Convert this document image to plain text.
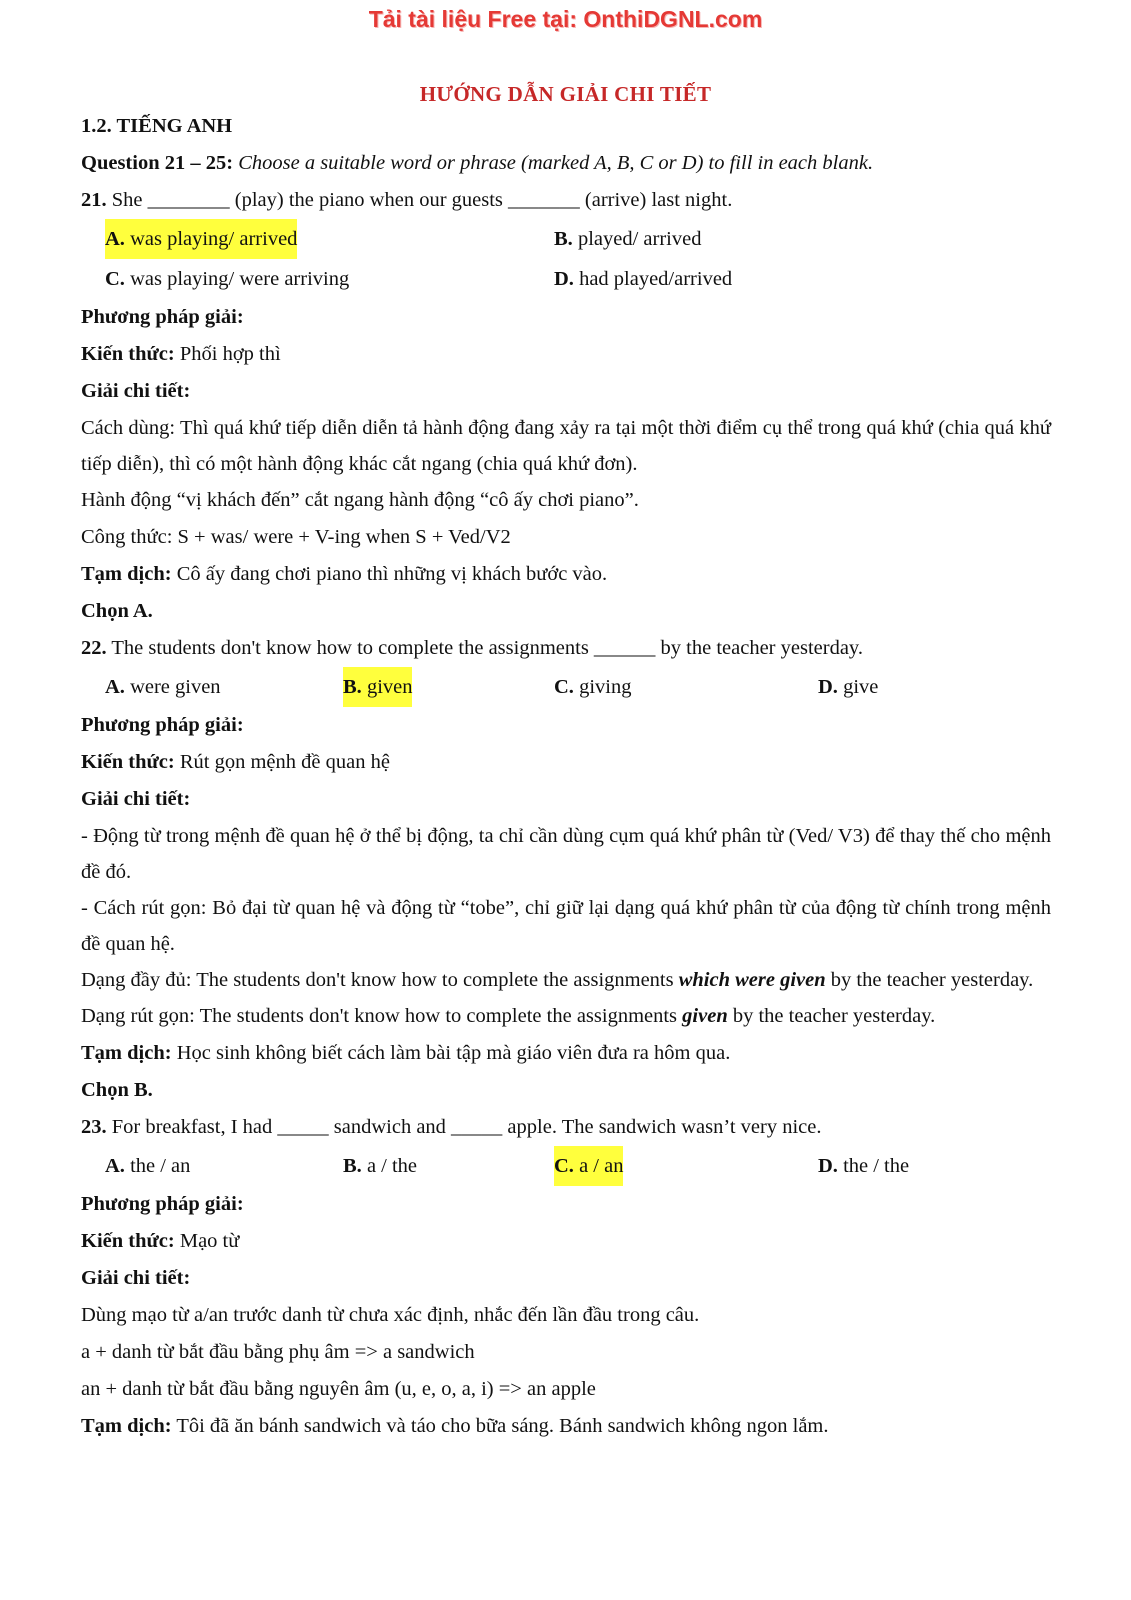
Tải tài liệu Free tại: OnthiDGNL.com
HƯỚNG DẪN GIẢI CHI TIẾT
1.2. TIẾNG ANH
Question 21 – 25: Choose a suitable word or phrase (marked A, B, C or D) to fill in each blank.
21. She ________ (play) the piano when our guests _______ (arrive) last night.
A. was playing/ arrived	B. played/ arrived
C. was playing/ were arriving	D. had played/arrived
Phương pháp giải:
Kiến thức: Phối hợp thì
Giải chi tiết:
Cách dùng: Thì quá khứ tiếp diễn diễn tả hành động đang xảy ra tại một thời điểm cụ thể trong quá khứ (chia quá khứ tiếp diễn), thì có một hành động khác cắt ngang (chia quá khứ đơn).
Hành động “vị khách đến” cắt ngang hành động “cô ấy chơi piano”.
Công thức: S + was/ were + V-ing when S + Ved/V2
Tạm dịch: Cô ấy đang chơi piano thì những vị khách bước vào.
Chọn A.
22. The students don't know how to complete the assignments ______ by the teacher yesterday.
A. were given	B. given	C. giving	D. give
Phương pháp giải:
Kiến thức: Rút gọn mệnh đề quan hệ
Giải chi tiết:
- Động từ trong mệnh đề quan hệ ở thể bị động, ta chỉ cần dùng cụm quá khứ phân từ (Ved/ V3) để thay thế cho mệnh đề đó.
- Cách rút gọn: Bỏ đại từ quan hệ và động từ “tobe”, chỉ giữ lại dạng quá khứ phân từ của động từ chính trong mệnh đề quan hệ.
Dạng đầy đủ: The students don't know how to complete the assignments which were given by the teacher yesterday.
Dạng rút gọn: The students don't know how to complete the assignments given by the teacher yesterday.
Tạm dịch: Học sinh không biết cách làm bài tập mà giáo viên đưa ra hôm qua.
Chọn B.
23. For breakfast, I had _____ sandwich and _____ apple. The sandwich wasn’t very nice.
A. the / an	B. a / the	C. a / an	D. the / the
Phương pháp giải:
Kiến thức: Mạo từ
Giải chi tiết:
Dùng mạo từ a/an trước danh từ chưa xác định, nhắc đến lần đầu trong câu.
a + danh từ bắt đầu bằng phụ âm => a sandwich
an + danh từ bắt đầu bằng nguyên âm (u, e, o, a, i) => an apple
Tạm dịch: Tôi đã ăn bánh sandwich và táo cho bữa sáng. Bánh sandwich không ngon lắm.
